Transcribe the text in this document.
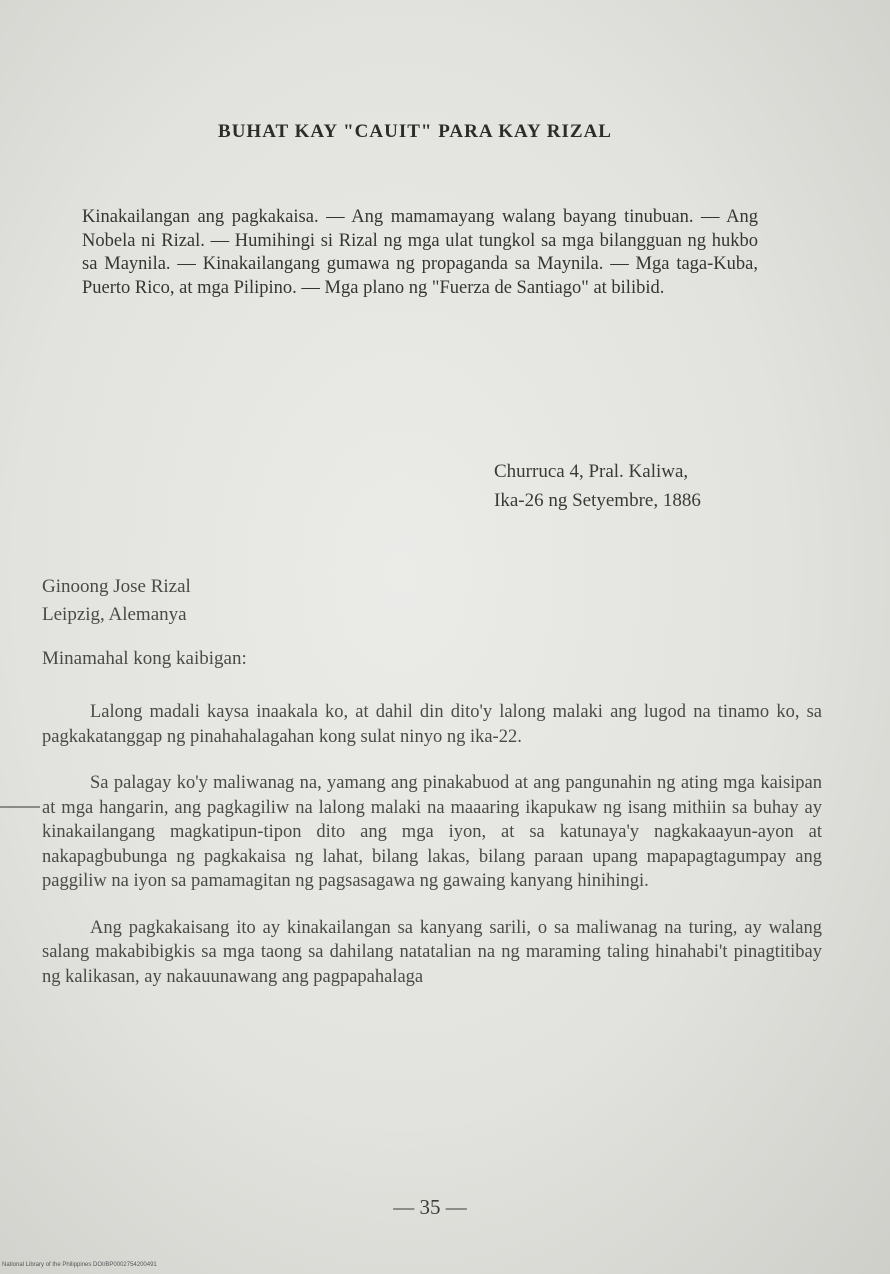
BUHAT KAY "CAUIT" PARA KAY RIZAL
Kinakailangan ang pagkakaisa. — Ang mamamayang walang bayang tinubuan. — Ang Nobela ni Rizal. — Humihingi si Rizal ng mga ulat tungkol sa mga bilangguan ng hukbo sa Maynila. — Kinakailangang gumawa ng propaganda sa Maynila. — Mga taga-Kuba, Puerto Rico, at mga Pilipino. — Mga plano ng "Fuerza de Santiago" at bilibid.
Churruca 4, Pral. Kaliwa,
Ika-26 ng Setyembre, 1886
Ginoong Jose Rizal
Leipzig, Alemanya
Minamahal kong kaibigan:

Lalong madali kaysa inaakala ko, at dahil din dito'y lalong malaki ang lugod na tinamo ko, sa pagkakatanggap ng pinahahalagahan kong sulat ninyo ng ika-22.

Sa palagay ko'y maliwanag na, yamang ang pinakabuod at ang pangunahin ng ating mga kaisipan at mga hangarin, ang pagkagiliw na lalong malaki na maaaring ikapukaw ng isang mithiin sa buhay ay kinakailangang magkatipun-tipon dito ang mga iyon, at sa katunaya'y nagkakaayun-ayon at nakapagbubunga ng pagkakaisa ng lahat, bilang lakas, bilang paraan upang mapapagtagumpay ang paggiliw na iyon sa pamamagitan ng pagsasagawa ng gawaing kanyang hinihingi.

Ang pagkakaisang ito ay kinakailangan sa kanyang sarili, o sa maliwanag na turing, ay walang salang makabibigkis sa mga taong sa dahilang natatalian na ng maraming taling hinahabi't pinagtitibay ng kalikasan, ay nakauunawang ang pagpapahalaga

— 35 —
National Library of the Philippines DOI/BP0002754200491
